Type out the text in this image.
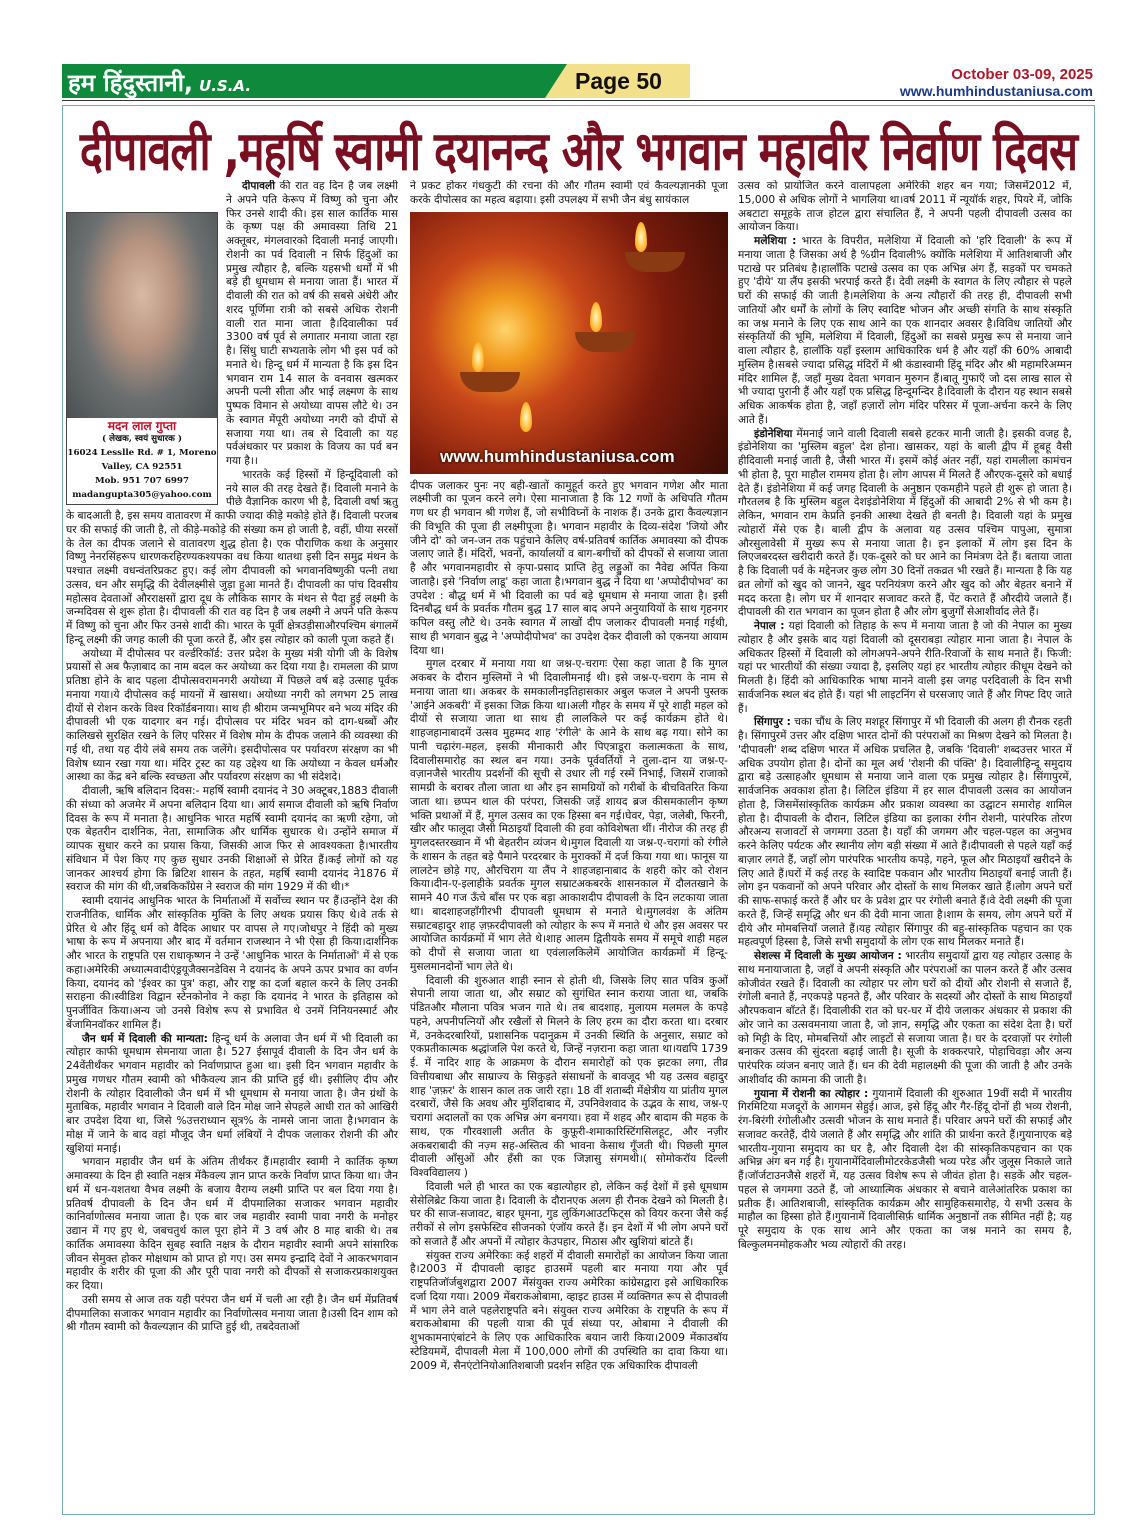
हम हिंदुस्तानी, U.S.A.	Page 50	October 03-09, 2025
www.humhindustaniusa.com
दीपावली ,महर्षि स्वामी दयानन्द और भगवान महावीर निर्वाण दिवस

दीपावली की रात वह दिन है जब लक्ष्मी ने अपने पति केरूप में विष्णु को चुना और फिर उनसे शादी की। इस साल कार्तिक मास के कृष्ण पक्ष की अमावस्या तिथि 21 अक्तूबर, मंगलवारको दिवाली मनाई जाएगी।रोशनी का पर्व दिवाली न सिर्फ हिंदुओं का प्रमुख त्यौहार है, बल्कि यहसभी धर्मों में भी बड़े ही धूमधाम से मनाया जाता हैं। भारत में दीवाली की रात को वर्ष की सबसे अंधेरी और शरद पूर्णिमा रात्री को सबसे अधिक रोशनी वाली रात माना जाता है।दिवालीका पर्व 3300 वर्ष पूर्व से लगातार मनाया जाता रहा है। सिंधु घाटी सभ्यताके लोग भी इस पर्व को मनाते थे। हिन्दू धर्म में मान्यता है कि इस दिन भगवान राम 14 साल के वनवास खत्मकर अपनी पत्नी सीता और भाई लक्ष्मण के साथ पुष्पक विमान से अयोध्या वापस लौटे थे। उन के स्वागत मेंपूरी अयोध्या नगरी को दीपों से सजाया गया था। तब से दिवाली का यह पर्वअंधकार पर प्रकाश के विजय का पर्व बन गया है।।

मदन लाल गुप्ता
( लेखक, स्वयं सुधारक )
16024 Lesslle Rd. # 1, Moreno
Valley, CA 92551
Mob. 951 707 6997
madangupta305@yahoo.com

भारतके कई हिस्सों में हिन्दूदिवाली को नये साल की तरह देखते हैं। दिवाली मनाने के पीछे वैज्ञानिक कारण भी है, दिवाली वर्षा ऋतु के बादआती है, इस समय वातावरण में काफी ज्यादा कीड़े मकोड़े होते हैं। दिवाली परजब घर की सफाई की जाती है, तो कीड़े-मकोड़े की संख्या कम हो जाती है, वहीं, घीया सरसों के तेल का दीपक जलाने से वातावरण शुद्ध होता है। एक पौराणिक कथा के अनुसार विष्णु नेनरसिंहरूप धारणकरहिरण्यकश्यपका वध किया थातथा इसी दिन समुद्र मंथन के पश्चात लक्ष्मी वधन्वंतरिप्रकट हुए। कई लोग दीपावली को भगवानविष्णुकी पत्नी तथा उत्सव, धन और समृद्धि की देवीलक्ष्मीसे जुड़ा हुआ मानते हैं। दीपावली का पांच दिवसीय महोत्सव देवताओं औरराक्षसों द्वारा दूध के लौकिक सागर के मंथन से पैदा हुई लक्ष्मी के जन्मदिवस से शुरू होता है। दीपावली की रात वह दिन है जब लक्ष्मी ने अपने पति केरूप में विष्णु को चुना और फिर उनसे शादी की। भारत के पूर्वी क्षेत्रउड़ीसाऔरपश्चिम बंगालमें हिन्दू लक्ष्मी की जगह काली की पूजा करते हैं, और इस त्योहार को काली पूजा कहते हैं।

अयोध्या में दीपोत्सव पर वर्ल्डरिकॉर्ड: उत्तर प्रदेश के मुख्य मंत्री योगी जी के विशेष प्रयासों से अब फैज़ाबाद का नाम बदल कर अयोध्या कर दिया गया है। रामलला की प्राण प्रतिष्ठा होने के बाद पहला दीपोत्सवरामनगरी अयोध्या में पिछले वर्ष बड़े उत्साह पूर्वक मनाया गया।ये दीपोत्सव कई मायनों में खासथा। अयोध्या नगरी को लगभग 25 लाख दीयों से रोशन करके विश्व रिकॉर्डबनाया। साथ ही श्रीराम जन्मभूमिपर बने भव्य मंदिर की दीपावली भी एक यादगार बन गई। दीपोत्सव पर मंदिर भवन को दाग-धब्बों और कालिखसे सुरक्षित रखने के लिए परिसर में विशेष मोम के दीपक जलाने की व्यवस्था की गई थी, तथा यह दीये लंबे समय तक जलेंगे। इसदीपोत्सव पर पर्यावरण संरक्षण का भी विशेष ध्यान रखा गया था। मंदिर ट्रस्ट का यह उद्देश्य था कि अयोध्या न केवल धर्मऔर आस्था का केंद्र बने बल्कि स्वच्छता और पर्यावरण संरक्षण का भी संदेशदे।

दीवाली, ऋषि बलिदान दिवस:- महर्षि स्वामी दयानंद ने 30 अक्टूबर,1883 दीवाली की संध्या को अजमेर में अपना बलिदान दिया था। आर्य समाज दीवाली को ऋषि निर्वाण दिवस के रूप में मनाता है। आधुनिक भारत महर्षि स्वामी दयानंद का ऋणी रहेगा, जो एक बेहतरीन दार्शनिक, नेता, सामाजिक और धार्मिक सुधारक थे। उन्होंने समाज में व्यापक सुधार करने का प्रयास किया, जिसकी आज फिर से आवश्यकता है।भारतीय संविधान में पेश किए गए कुछ सुधार उनकी शिक्षाओं से प्रेरित हैं।कई लोगों को यह जानकर आश्चर्य होगा कि ब्रिटिश शासन के तहत, महर्षि स्वामी दयानंद ने1876 में स्वराज की मांग की थी,जबकिकाँग्रेस ने स्वराज की मांग 1929 में की थी।*

स्वामी दयानंद आधुनिक भारत के निर्माताओं में सर्वोच्च स्थान पर हैं।उन्होंने देश की राजनीतिक, धार्मिक और सांस्कृतिक मुक्ति के लिए अथक प्रयास किए थे।वे तर्क से प्रेरित थे और हिंदू धर्म को वैदिक आधार पर वापस ले गए।जोधपुर ने हिंदी को मुख्य भाषा के रूप में अपनाया और बाद में वर्तमान राजस्थान ने भी ऐसा ही किया।दार्शनिक और भारत के राष्ट्रपति एस राधाकृष्णन ने उन्हें 'आधुनिक भारत के निर्माताओं' में से एक कहा।अमेरिकी अध्यात्मवादीएंड्रयूजैक्सनडेविस ने दयानंद के अपने ऊपर प्रभाव का वर्णन किया, दयानंद को 'ईश्वर का पुत्र' कहा, और राष्ट्र का दर्जा बहाल करने के लिए उनकी सराहना की।स्वीडिश विद्वान स्टेनकोनोव ने कहा कि दयानंद ने भारत के इतिहास को पुनर्जीवित किया।अन्य जो उनसे विशेष रूप से प्रभावित थे उनमें निनियनस्मार्ट और बेंजामिनवॉकर शामिल हैं।

जैन धर्म में दिवाली की मान्यता: हिन्दू धर्म के अलावा जैन धर्म में भी दिवाली का त्योहार काफी धूमधाम सेमनाया जाता है। 527 ईसापूर्व दीवाली के दिन जैन धर्म के 24वेंतीर्थंकर भगवान महावीर को निर्वाणप्राप्त हुआ था। इसी दिन भगवान महावीर के प्रमुख गणधर गौतम स्वामी को भीकैवल्य ज्ञान की प्राप्ति हुई थी। इसीलिए दीप और रोशनी के त्योहार दिवालीको जैन धर्म में भी धूमधाम से मनाया जाता है। जैन ग्रंथों के मुताबिक, महावीर भगवान ने दिवाली वाले दिन मोक्ष जाने सेपहले आधी रात को आखिरी बार उपदेश दिया था, जिसे %उत्तराध्यान सूत्र% के नामसे जाना जाता है।भगवान के मोक्ष में जाने के बाद वहां मौजूद जैन धर्मा लंबियों ने दीपक जलाकर रोशनी की और खुशियां मनाई।

भगवान महावीर जैन धर्म के अंतिम तीर्थंकर हैं।महावीर स्वामी ने कार्तिक कृष्ण अमावस्या के दिन ही स्वाति नक्षत्र मेंकैवल्य ज्ञान प्राप्त करके निर्वाण प्राप्त किया था। जैन धर्म में धन-यशतथा वैभव लक्ष्मी के बजाय वैराग्य लक्ष्मी प्राप्ति पर बल दिया गया है। प्रतिवर्ष दीपावली के दिन जैन धर्म में दीपमालिका सजाकर भगवान महावीर कानिर्वाणोत्सव मनाया जाता है। एक बार जब महावीर स्वामी पावा नगरी के मनोहर उद्यान में गए हुए थे, जबचतुर्थ काल पूरा होने में 3 वर्ष और 8 माह बाकी थे। तब कार्तिक अमावस्या केदिन सुबह स्वाति नक्षत्र के दौरान महावीर स्वामी अपने सांसारिक जीवन सेमुक्त होकर मोक्षधाम को प्राप्त हो गए। उस समय इन्द्रादि देवों ने आकरभगवान महावीर के शरीर की पूजा की और पूरी पावा नगरी को दीपकों से सजाकरप्रकाशयुक्त कर दिया।

उसी समय से आज तक यही परंपरा जैन धर्म में चली आ रही है। जैन धर्म मेंप्रतिवर्ष दीपमालिका सजाकर भगवान महावीर का निर्वाणोत्सव मनाया जाता है।उसी दिन शाम को श्री गौतम स्वामी को कैवल्यज्ञान की प्राप्ति हुई थी, तबदेवताओं

ने प्रकट होकर गंधकुटी की रचना की और गौतम स्वामी एवं कैवल्यज्ञानकी पूजा करके दीपोत्सव का महत्व बढ़ाया। इसी उपलक्ष्य में सभी जैन बंधु सायंकाल

www.humhindustaniusa.com

दीपक जलाकर पुनः नए बही-खातों कामुहूर्त करते हुए भगवान गणेश और माता लक्ष्मीजी का पूजन करने लगे। ऐसा मानाजाता है कि 12 गणों के अधिपति गौतम गण धर ही भगवान श्री गणेश हैं, जो सभीविघ्नों के नाशक हैं। उनके द्वारा कैवल्यज्ञान की विभूति की पूजा ही लक्ष्मीपूजा है। भगवान महावीर के दिव्य-संदेश 'जियो और जीने दो' को जन-जन तक पहुंचाने केलिए वर्ष-प्रतिवर्ष कार्तिक अमावस्या को दीपक जलाए जाते हैं। मंदिरों, भवनों, कार्यालयों व बाग-बगीचों को दीपकों से सजाया जाता है और भगवानमहावीर से कृपा-प्रसाद प्राप्ति हेतु लड्डुओं का नैवेद्य अर्पित किया जाताहै। इसे 'निर्वाण लाडू' कहा जाता है।भगवान बुद्ध ने दिया था 'अप्पोदीपोभव' का उपदेश : बौद्ध धर्म में भी दिवाली का पर्व बड़े धूमधाम से मनाया जाता है। इसी दिनबौद्ध धर्म के प्रवर्तक गौतम बुद्ध 17 साल बाद अपने अनुयायियों के साथ गृहनगर कपिल वस्तु लौटे थे। उनके स्वागत में लाखों दीप जलाकर दीपावली मनाई गईथी, साथ ही भगवान बुद्ध ने 'अप्पोदीपोभव' का उपदेश देकर दीवाली को एकनया आयाम दिया था।

मुगल दरबार में मनाया गया था जश्न-ए-चरागः ऐसा कहा जाता है कि मुगल अकबर के दौरान मुस्लिमों ने भी दिवालीमनाई थी। इसे जश्न-ए-चराग के नाम से मनाया जाता था। अकबर के समकालीनइतिहासकार अबुल फजल ने अपनी पुस्तक 'आईने अकबरी' में इसका जिक्र किया था।अली गौहर के समय में पूरे शाही महल को दीयों से सजाया जाता था साथ ही लालकिले पर कई कार्यक्रम होते थे।शाहजहानाबादमें उत्सव मुहम्मद शाह 'रंगीले' के आने के साथ बढ़ गया। सोने का पानी चढ़ारंग-महल, इसकी मीनाकारी और पिएत्राडूरा कलात्मकता के साथ, दिवालीसमारोह का स्थल बन गया। उनके पूर्ववर्तियों ने तुला-दान या जश्न-ए-वज़ानजैसे भारतीय प्रदर्शनों की सूची से उधार ली गई रस्में निभाईं, जिसमें राजाको सामग्री के बराबर तौला जाता था और इन सामग्रियों को गरीबों के बीचवितरित किया जाता था। छप्पन थाल की परंपरा, जिसकी जड़ें शायद ब्रज कीसमकालीन कृष्ण भक्ति प्रथाओं में हैं, मुगल उत्सव का एक हिस्सा बन गई।घेवर, पेड़ा, जलेबी, फिरनी, खीर और फालूदा जैसी मिठाइयाँ दिवाली की हवा कोविशेषता थीं। नीरोज की तरह ही मुगलदस्तरख्वान में भी बेहतरीन व्यंजन थे।मुगल दिवाली या जश्न-ए-चरागां को रंगीले के शासन के तहत बड़े पैमाने परदरबार के मुराक्कों में दर्ज किया गया था। फानूस या लालटेन छोड़े गए, औरचिराग या लैंप ने शाहजहानाबाद के शहरी कोर को रोशन किया।दीन-ए-इलाहीके प्रवर्तक मुगल सम्राटअकबरके शासनकाल में दौलतखाने के सामने 40 गज ऊँचे बाँस पर एक बड़ा आकाशदीप दीपावली के दिन लटकाया जाता था। बादशाहजहाँगीरभी दीपावली धूमधाम से मनाते थे।मुगलवंश के अंतिम सम्राटबहादुर शाह ज़फ़रदीपावली को त्योहार के रूप में मनाते थे और इस अवसर पर आयोजित कार्यक्रमों में भाग लेते थे।शाह आलम द्वितीयके समय में समूचे शाही महल को दीपों से सजाया जाता था एवंलालकिलेमें आयोजित कार्यक्रमों में हिन्दू-मुसलमानदोनों भाग लेते थे।

दिवाली की शुरुआत शाही स्नान से होती थी, जिसके लिए सात पवित्र कुओं सेपानी लाया जाता था, और सम्राट को सुगंधित स्नान कराया जाता था, जबकि पंडितऔर मौलाना पवित्र भजन गाते थे। तब बादशाह, मुलायम मलमल के कपड़े पहने, अपनीपत्नियों और रखैलों से मिलने के लिए हरम का दौरा करता था। दरबार में, उनकेदरबारियों, प्रशासनिक पदानुक्रम में उनकी स्थिति के अनुसार, सम्राट को एकप्रतीकात्मक श्रद्धांजलि पेश करते थे, जिन्हें नज़राना कहा जाता था।यद्यपि 1739 ई. में नादिर शाह के आक्रमण के दौरान समारोहों को एक झटका लगा, तीव्र वित्तीयबाधा और साम्राज्य के सिकुड़ते संसाधनों के बावजूद भी यह उत्सव बहादुर शाह 'ज़फ़र' के शासन काल तक जारी रहा। 18 वीं शताब्दी मेंक्षेत्रीय या प्रांतीय मुगल दरबारों, जैसे कि अवध और मुर्शिदाबाद में, उपनिवेशवाद के उद्भव के साथ, जश्न-ए चरागां अदालतों का एक अभिन्न अंग बनगया। हवा में शहद और बादाम की महक के साथ, एक गौरवशाली अतीत के कुफ़ूरी-शमाकारिस्टिंगसिलहूट, और नज़ीर अकबराबादी की नज़्म सह-अस्तित्व की भावना केसाथ गूँजती थी। पिछली मुगल दीवाली आँसुओं और हँसी का एक जिज्ञासु संगमथी।( सोमोकरॉय दिल्ली विश्वविद्यालय )

दिवाली भले ही भारत का एक बड़ात्योहार हो, लेकिन कई देशों में इसे धूमधाम सेसेलिब्रेट किया जाता है। दिवाली के दौरानएक अलग ही रौनक देखने को मिलती है। घर की साज-सजावट, बाहर घूमना, गुड लुकिंगआउटफिट्स को वियर करना जैसे कई तरीकों से लोग इसफेस्टिव सीजनको एंजॉय करते हैं। इन देशों में भी लोग अपने घरों को सजाते हैं और अपनों में त्योहार केउपहार, मिठास और खुशियां बांटते हैं।

संयुक्त राज्य अमेरिकाः कई शहरों में दीवाली समारोहों का आयोजन किया जाता है।2003 में दीपावली व्हाइट हाउसमें पहली बार मनाया गया और पूर्व राष्ट्रपतिजॉर्जबुशद्वारा 2007 मेंसंयुक्त राज्य अमेरिका कांग्रेसद्वारा इसे आधिकारिक दर्जा दिया गया। 2009 मेंबराकओबामा, व्हाइट हाउस में व्यक्तिगत रूप से दीपावली में भाग लेने वाले पहलेराष्ट्रपति बने। संयुक्त राज्य अमेरिका के राष्ट्रपति के रूप में बराकओबामा की पहली यात्रा की पूर्व संध्या पर, ओबामा ने दीवाली की शुभकामनाएंबांटने के लिए एक आधिकारिक बयान जारी किया।2009 मेंकाउबॉय स्टेडियममें, दीपावली मेला में 100,000 लोगों की उपस्थिति का दावा किया था। 2009 में, सैनएंटोनियोआतिशबाजी प्रदर्शन सहित एक अधिकारिक दीपावली

उत्सव को प्रायोजित करने वालापहला अमेरिकी शहर बन गया; जिसमें2012 में, 15,000 से अधिक लोगों ने भागलिया था।वर्ष 2011 में न्यूयॉर्क शहर, पियरे में, जोकि अबटाटा समूहके ताज होटल द्वारा संचालित हैं, ने अपनी पहली दीपावली उत्सव का आयोजन किया।

मलेशिया : भारत के विपरीत, मलेशिया में दिवाली को 'हरि दिवाली' के रूप में मनाया जाता है जिसका अर्थ है %ग्रीन दिवाली% क्योंकि मलेशिया में आतिशबाजी और पटाखे पर प्रतिबंध है।हालाँकि पटाखे उत्सव का एक अभिन्न अंग हैं, सड़कों पर चमकते हुए 'दीये' या लैंप इसकी भरपाई करते हैं। देवी लक्ष्मी के स्वागत के लिए त्यौहार से पहले घरों की सफाई की जाती है।मलेशिया के अन्य त्यौहारों की तरह ही, दीपावली सभी जातियों और धर्मों के लोगों के लिए स्वादिष्ट भोजन और अच्छी संगति के साथ संस्कृति का जश्न मनाने के लिए एक साथ आने का एक शानदार अवसर है।विविध जातियों और संस्कृतियों की भूमि, मलेशिया में दिवाली, हिंदुओं का सबसे प्रमुख रूप से मनाया जाने वाला त्यौहार है, हालाँकि यहाँ इस्लाम आधिकारिक धर्म है और यहाँ की 60% आबादी मुस्लिम है।सबसे ज्यादा प्रसिद्ध मंदिरों में श्री कंडास्वामी हिंदू मंदिर और श्री महामरिअम्मन मंदिर शामिल हैं, जहाँ मुख्य देवता भगवान मुरुगन हैं।बातू गुफाएँ जो दस लाख साल से भी ज्यादा पुरानी हैं और यहाँ एक प्रसिद्ध हिन्दूमन्दिर है।दिवाली के दौरान यह स्थान सबसे अधिक आकर्षक होता है, जहाँ हज़ारों लोग मंदिर परिसर में पूजा-अर्चना करने के लिए आते हैं।

इंडोनेशिया मेंमनाई जाने वाली दिवाली सबसे हटकर मानी जाती है। इसकी वजह है, इंडोनेशिया का 'मुस्लिम बहुल' देश होना। खासकर, यहां के बाली द्वीप में हूबहू वैसी हीदिवाली मनाई जाती है, जैसी भारत में। इसमें कोई अंतर नहीं, यहां रामलीला कामंचन भी होता है, पूरा माहौल राममय होता है। लोग आपस में मिलते हैं औरएक-दूसरे को बधाई देते हैं। इंडोनेशिया में कई जगह दिवाली के अनुष्ठान एकमहीने पहले ही शुरू हो जाता है। गौरतलब है कि मुस्लिम बहुल देशइंडोनेशिया में हिंदुओं की आबादी 2% से भी कम है। लेकिन, भगवान राम केप्रति इनकी आस्था देखते ही बनती है। दिवाली यहां के प्रमुख त्योहारों मेंसे एक है। बाली द्वीप के अलावा यह उत्सव पश्चिम पापुआ, सुमात्रा औरसुलावेसी में मुख्य रूप से मनाया जाता है। इन इलाकों में लोग इस दिन के लिएजबरदस्त खरीदारी करते हैं। एक-दूसरे को घर आने का निमंत्रण देते हैं। बताया जाता है कि दिवाली पर्व के मद्देनजर कुछ लोग 30 दिनों तकव्रत भी रखते हैं। मान्यता है कि यह व्रत लोगों को खुद को जानने, खुद परनियंत्रण करने और खुद को और बेहतर बनाने में मदद करता है। लोग घर में शानदार सजावट करते हैं, पेंट कराते हैं औरदीये जलाते हैं। दीपावली की रात भगवान का पूजन होता है और लोग बुजुर्गों सेआशीर्वाद लेते हैं।

नेपाल : यहां दिवाली को तिहाड़ के रूप में मनाया जाता है जो की नेपाल का मुख्य त्योहार है और इसके बाद यहां दिवाली को दूसराबड़ा त्योहार माना जाता है। नेपाल के अधिकतर हिस्सों में दिवाली को लोगअपने-अपने रीति-रिवाजों के साथ मनाते हैं। फिजी: यहां पर भारतीयों की संख्या ज्यादा है, इसलिए यहां हर भारतीय त्योहार कीधूम देखने को मिलती है। हिंदी को आधिकारिक भाषा मानने वाली इस जगह परदिवाली के दिन सभी सार्वजनिक स्थल बंद होते हैं। यहां भी लाइटनिंग से घरसजाए जाते हैं और गिफ्ट दिए जाते हैं।

सिंगापुर : चका चौंध के लिए मशहूर सिंगापुर में भी दिवाली की अलग ही रौनक रहती है। सिंगापुरमें उत्तर और दक्षिण भारत दोनों की परंपराओं का मिश्रण देखने को मिलता है। 'दीपावली' शब्द दक्षिण भारत में अधिक प्रचलित है, जबकि 'दिवाली' शब्दउत्तर भारत में अधिक उपयोग होता है। दोनों का मूल अर्थ 'रोशनी की पंक्ति' है। दिवालीहिन्दू समुदाय द्वारा बड़े उत्साहऔर धूमधाम से मनाया जाने वाला एक प्रमुख त्योहार है। सिंगापुरमें, सार्वजनिक अवकाश होता है। लिटिल इंडिया में हर साल दीपावली उत्सव का आयोजन होता है, जिसमेंसांस्कृतिक कार्यक्रम और प्रकाश व्यवस्था का उद्घाटन समारोह शामिल होता है। दीपावली के दौरान, लिटिल इंडिया का इलाका रंगीन रोशनी, पारंपरिक तोरण औरअन्य सजावटों से जगमगा उठता है। यहाँ की जगमग और चहल-पहल का अनुभव करने केलिए पर्यटक और स्थानीय लोग बड़ी संख्या में आते हैं।दीपावली से पहले यहाँ कई बाज़ार लगते हैं, जहाँ लोग पारंपरिक भारतीय कपड़े, गहने, फूल और मिठाइयाँ खरीदने के लिए आते हैं।घरों में कई तरह के स्वादिष्ट पकवान और भारतीय मिठाइयाँ बनाई जाती हैं।लोग इन पकवानों को अपने परिवार और दोस्तों के साथ मिलकर खाते हैं।लोग अपने घरों की साफ-सफाई करते हैं और घर के प्रवेश द्वार पर रंगोली बनाते हैं।वे देवी लक्ष्मी की पूजा करते हैं, जिन्हें समृद्धि और धन की देवी माना जाता है।शाम के समय, लोग अपने घरों में दीये और मोमबत्तियाँ जलाते हैं।यह त्योहार सिंगापुर की बहु-सांस्कृतिक पहचान का एक महत्वपूर्ण हिस्सा है, जिसे सभी समुदायों के लोग एक साथ मिलकर मनाते हैं।

सेशल्स में दिवाली के मुख्य आयोजन : भारतीय समुदायों द्वारा यह त्योहार उत्साह के साथ मनायाजाता है, जहाँ वे अपनी संस्कृति और परंपराओं का पालन करते हैं और उत्सव कोजीवंत रखते हैं। दिवाली का त्योहार पर लोग घरों को दीयों और रोशनी से सजाते हैं, रंगोली बनाते हैं, नएकपड़े पहनते हैं, और परिवार के सदस्यों और दोस्तों के साथ मिठाइयाँ औरपकवान बाँटते हैं। दिवालीकी रात को घर-घर में दीये जलाकर अंधकार से प्रकाश की ओर जाने का उत्सवमनाया जाता है, जो ज्ञान, समृद्धि और एकता का संदेश देता है। घरों को मिट्टी के दिए, मोमबत्तियों और लाइटों से सजाया जाता है। घर के दरवाज़ों पर रंगोली बनाकर उत्सव की सुंदरता बढ़ाई जाती है। सूजी के शक्करपारे, पोहाचिवड़ा और अन्य पारंपरिक व्यंजन बनाए जाते हैं। धन की देवी महालक्ष्मी की पूजा की जाती है और उनके आशीर्वाद की कामना की जाती है।

गुयाना में रोशनी का त्योहार : गुयानामें दिवाली की शुरुआत 19वीं सदी में भारतीय गिरमिटिया मजदूरों के आगमन सेहुई। आज, इसे हिंदू और गैर-हिंदू दोनों ही भव्य रोशनी, रंग-बिरंगी रंगोलीऔर उत्सवी भोजन के साथ मनाते हैं। परिवार अपने घरों की सफाई और सजावट करतेहैं, दीये जलाते हैं और समृद्धि और शांति की प्रार्थना करते हैं।गुयानाएक बड़े भारतीय-गुयाना समुदाय का घर है, और दिवाली देश की सांस्कृतिकपहचान का एक अभिन्न अंग बन गई है। गुयानामेंदिवालीमोटरकेडजैसी भव्य परेड और जुलूस निकाले जाते हैं।जॉर्जटाउनजैसे शहरों में, यह उत्सव विशेष रूप से जीवंत होता है। सड़कें और चहल-पहल से जगमगा उठते हैं, जो आध्यात्मिक अंधकार से बचाने वालेआंतरिक प्रकाश का प्रतीक हैं। आतिशबाजी, सांस्कृतिक कार्यक्रम और सामुहिकसमारोह, ये सभी उत्सव के माहौल का हिस्सा होते हैं।गुयानामें दिवालीसिर्फ़ धार्मिक अनुष्ठानों तक सीमित नहीं है; यह पूरे समुदाय के एक साथ आने और एकता का जश्न मनाने का समय है, बिल्कुलमनमोहकऔर भव्य त्योहारों की तरह।
